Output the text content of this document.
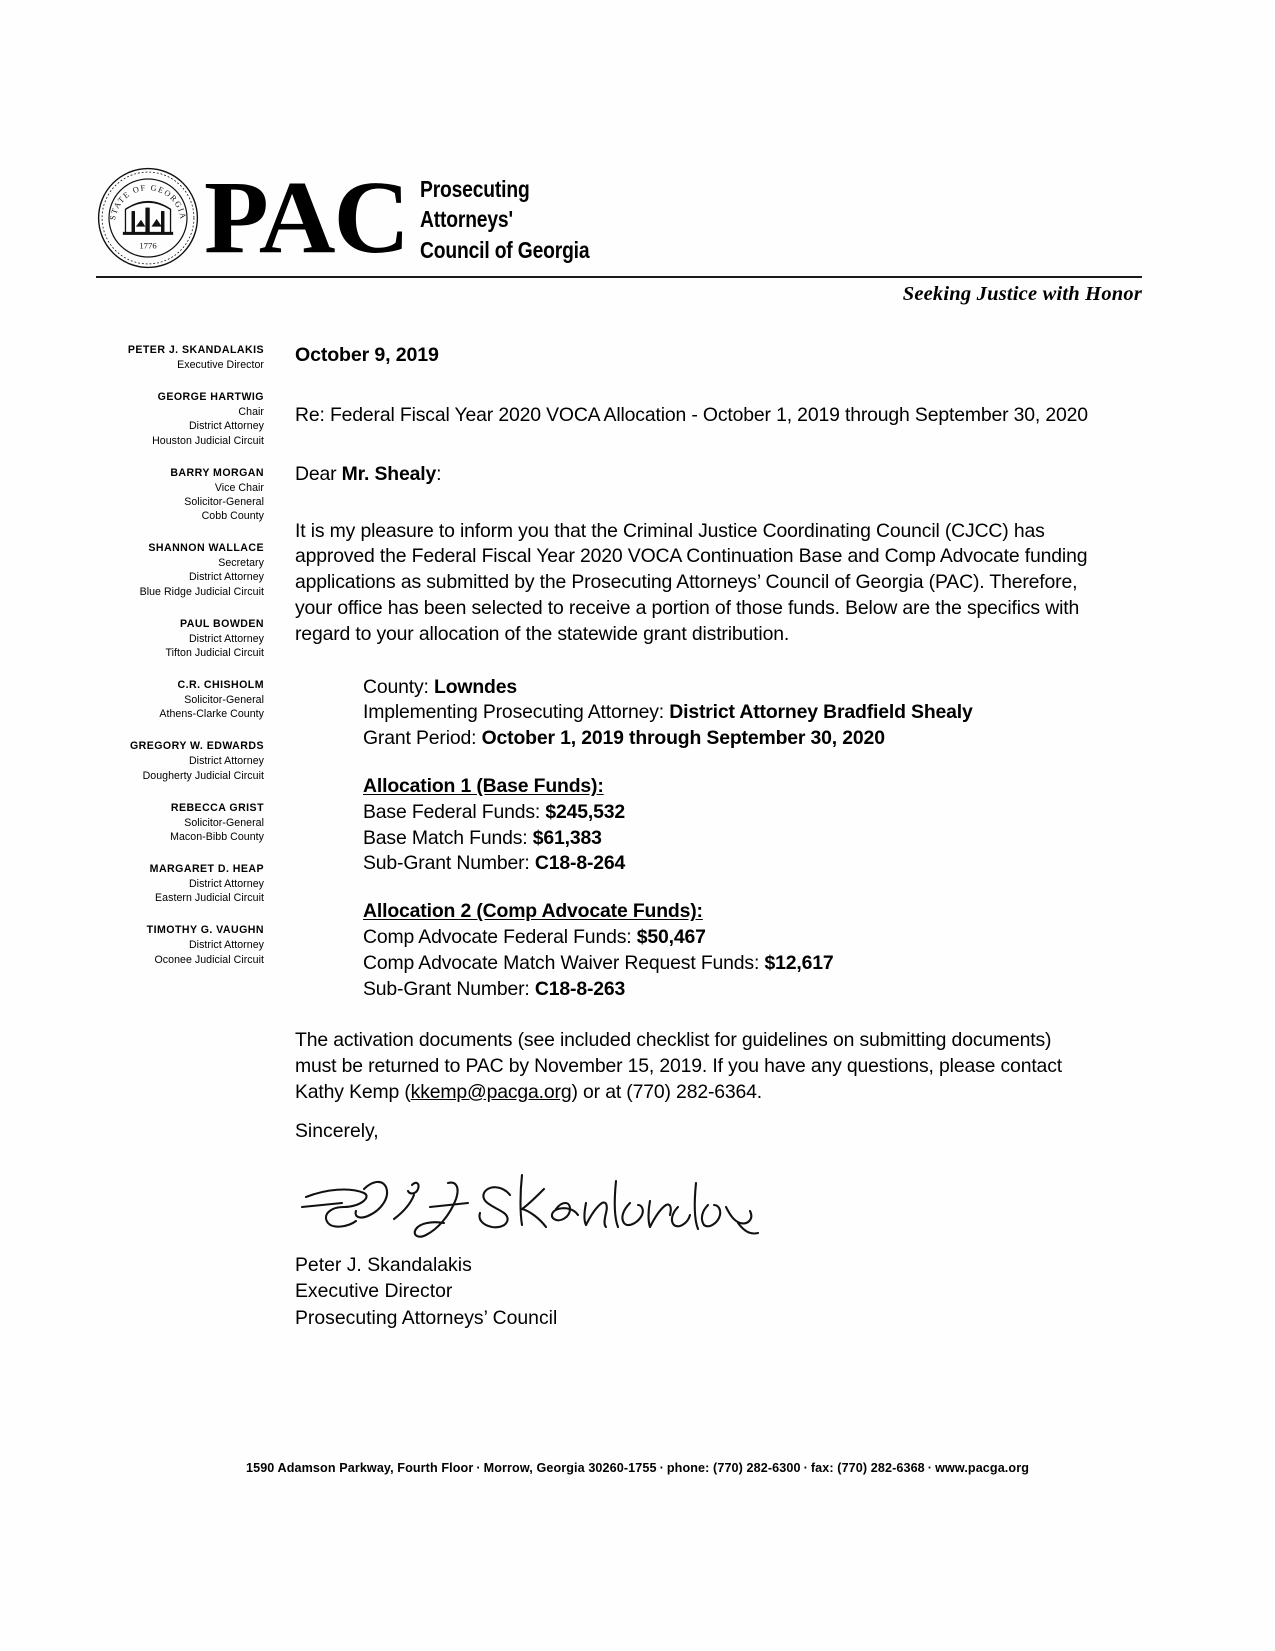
STATE OF GEORGIA
1776 PAC Prosecuting
Attorneys'
Council of Georgia
Seeking Justice with Honor
PETER J. SKANDALAKIS
Executive Director
GEORGE HARTWIG
Chair
District Attorney
Houston Judicial Circuit
BARRY MORGAN
Vice Chair
Solicitor-General
Cobb County
SHANNON WALLACE
Secretary
District Attorney
Blue Ridge Judicial Circuit
PAUL BOWDEN
District Attorney
Tifton Judicial Circuit
C.R. CHISHOLM
Solicitor-General
Athens-Clarke County
GREGORY W. EDWARDS
District Attorney
Dougherty Judicial Circuit
REBECCA GRIST
Solicitor-General
Macon-Bibb County
MARGARET D. HEAP
District Attorney
Eastern Judicial Circuit
TIMOTHY G. VAUGHN
District Attorney
Oconee Judicial Circuit
October 9, 2019
Re: Federal Fiscal Year 2020 VOCA Allocation - October 1, 2019 through September 30, 2020
Dear Mr. Shealy:

It is my pleasure to inform you that the Criminal Justice Coordinating Council (CJCC) has approved the Federal Fiscal Year 2020 VOCA Continuation Base and Comp Advocate funding applications as submitted by the Prosecuting Attorneys’ Council of Georgia (PAC). Therefore, your office has been selected to receive a portion of those funds. Below are the specifics with regard to your allocation of the statewide grant distribution.

County: Lowndes
Implementing Prosecuting Attorney: District Attorney Bradfield Shealy
Grant Period: October 1, 2019 through September 30, 2020
Allocation 1 (Base Funds):
Base Federal Funds: $245,532
Base Match Funds: $61,383
Sub-Grant Number: C18-8-264
Allocation 2 (Comp Advocate Funds):
Comp Advocate Federal Funds: $50,467
Comp Advocate Match Waiver Request Funds: $12,617
Sub-Grant Number: C18-8-263
The activation documents (see included checklist for guidelines on submitting documents) must be returned to PAC by November 15, 2019. If you have any questions, please contact Kathy Kemp (kkemp@pacga.org) or at (770) 282-6364.
Sincerely,
Peter J. Skandalakis
Executive Director
Prosecuting Attorneys’ Council
1590 Adamson Parkway, Fourth Floor · Morrow, Georgia 30260-1755 · phone: (770) 282-6300 · fax: (770) 282-6368 · www.pacga.org
